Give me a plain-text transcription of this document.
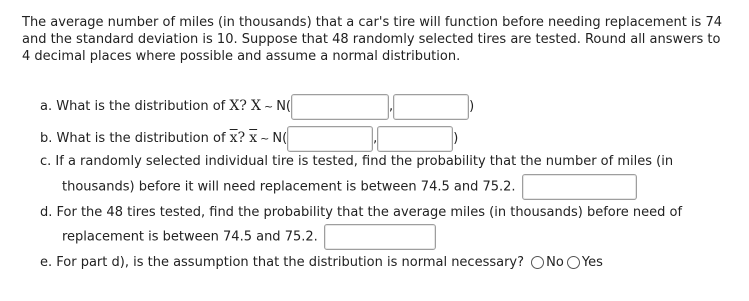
The average number of miles (in thousands) that a car's tire will function before needing replacement is 74 and the standard deviation is 10. Suppose that 48 randomly selected tires are tested. Round all answers to 4 decimal places where possible and assume a normal distribution.
a. What is the distribution of X? X ~ N(	,	)
b. What is the distribution of $\overline{x}$? $\overline{x}$ ~ N(	,	)
c. If a randomly selected individual tire is tested, find the probability that the number of miles (in
thousands) before it will need replacement is between 74.5 and 75.2.
d. For the 48 tires tested, find the probability that the average miles (in thousands) before need of
replacement is between 74.5 and 75.2.
e. For part d), is the assumption that the distribution is normal necessary? No Yes
